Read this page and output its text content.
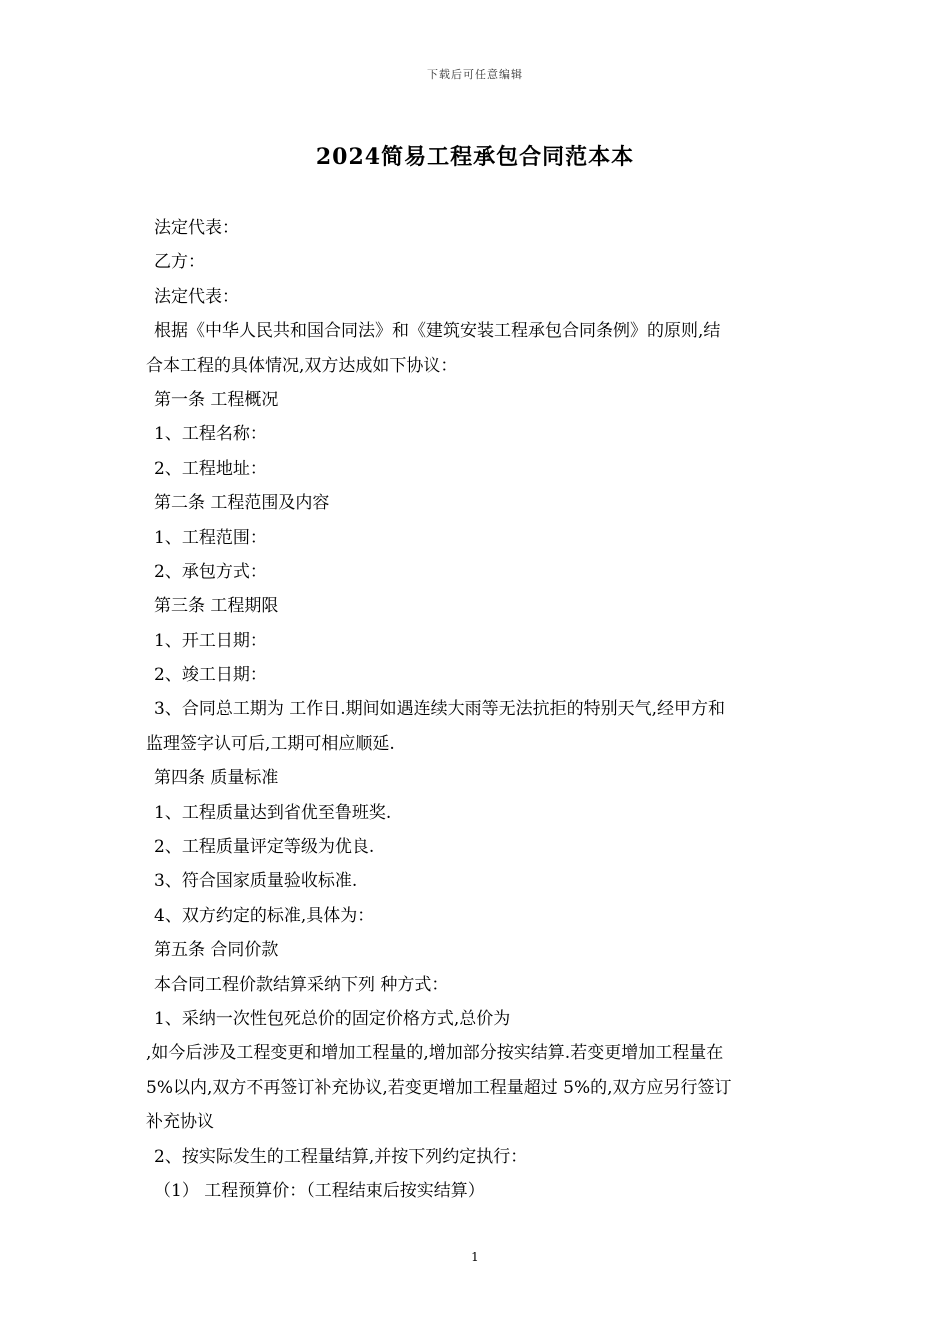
下载后可任意编辑
2024简易工程承包合同范本本
法定代表：
乙方：
法定代表：
根据《中华人民共和国合同法》和《建筑安装工程承包合同条例》的原则,结
合本工程的具体情况,双方达成如下协议：
第一条 工程概况
1、工程名称：
2、工程地址：
第二条 工程范围及内容
1、工程范围：
2、承包方式：
第三条 工程期限
1、开工日期：
2、竣工日期：
3、合同总工期为 工作日.期间如遇连续大雨等无法抗拒的特别天气,经甲方和
监理签字认可后,工期可相应顺延.
第四条 质量标准
1、工程质量达到省优至鲁班奖.
2、工程质量评定等级为优良.
3、符合国家质量验收标准.
4、双方约定的标准,具体为：
第五条 合同价款
本合同工程价款结算采纳下列 种方式：
1、采纳一次性包死总价的固定价格方式,总价为
,如今后涉及工程变更和增加工程量的,增加部分按实结算.若变更增加工程量在
5%以内,双方不再签订补充协议,若变更增加工程量超过 5%的,双方应另行签订
补充协议
2、按实际发生的工程量结算,并按下列约定执行：
（1） 工程预算价：（工程结束后按实结算）
1
